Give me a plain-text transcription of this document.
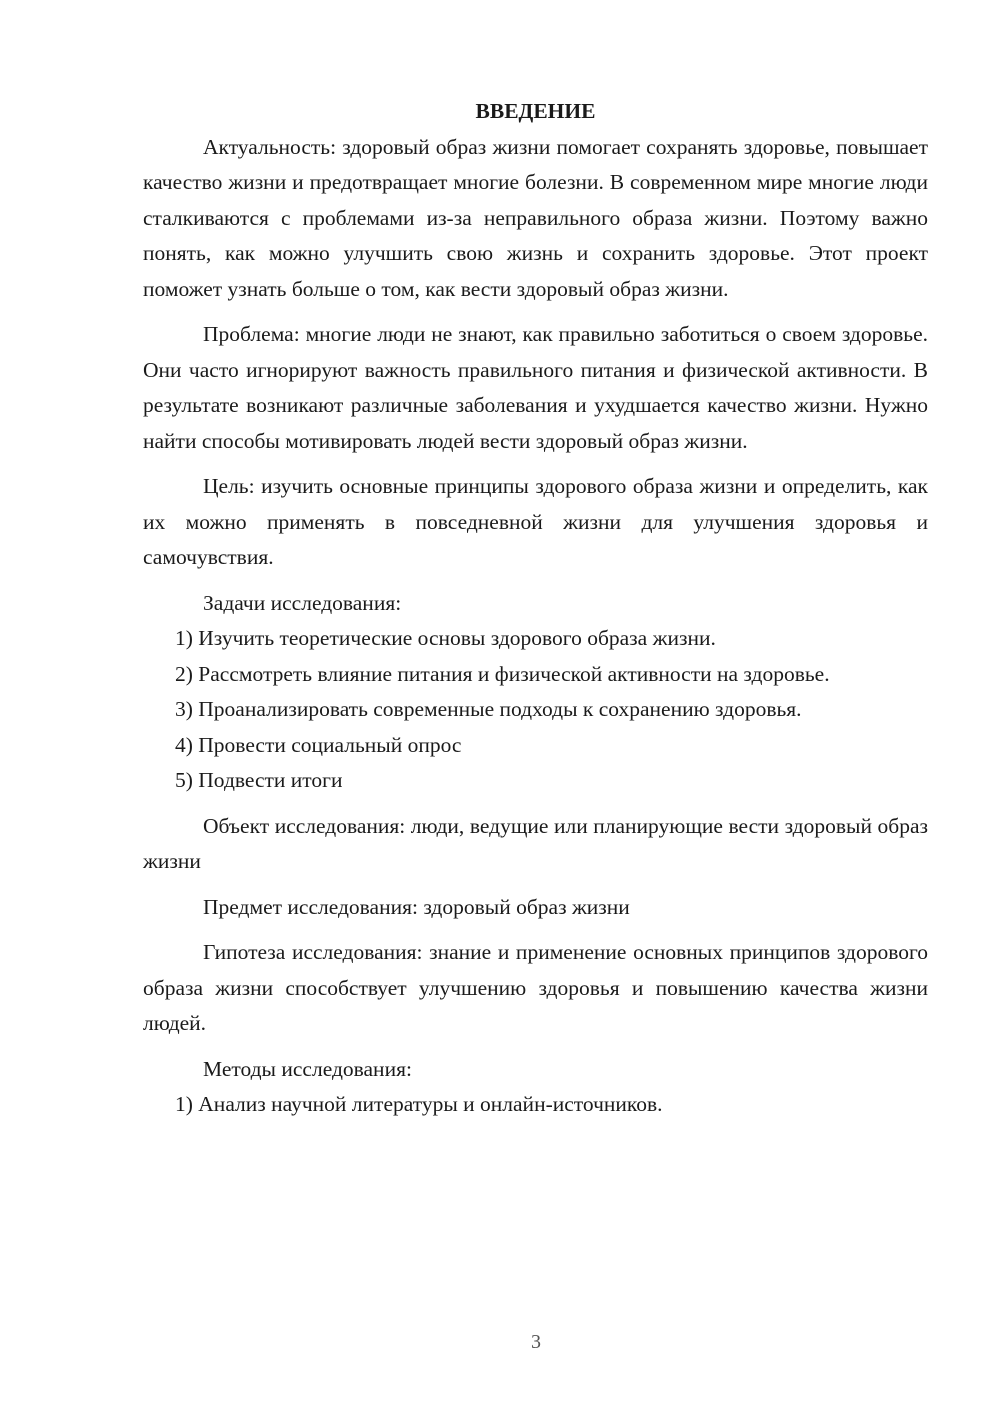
ВВЕДЕНИЕ

Актуальность: здоровый образ жизни помогает сохранять здоровье, повышает качество жизни и предотвращает многие болезни. В современном мире многие люди сталкиваются с проблемами из-за неправильного образа жизни. Поэтому важно понять, как можно улучшить свою жизнь и сохранить здоровье. Этот проект поможет узнать больше о том, как вести здоровый образ жизни.

Проблема: многие люди не знают, как правильно заботиться о своем здоровье. Они часто игнорируют важность правильного питания и физической активности. В результате возникают различные заболевания и ухудшается качество жизни. Нужно найти способы мотивировать людей вести здоровый образ жизни.

Цель: изучить основные принципы здорового образа жизни и определить, как их можно применять в повседневной жизни для улучшения здоровья и самочувствия.

Задачи исследования:

1) Изучить теоретические основы здорового образа жизни.

2) Рассмотреть влияние питания и физической активности на здоровье.

3) Проанализировать современные подходы к сохранению здоровья.

4) Провести социальный опрос

5) Подвести итоги

Объект исследования: люди, ведущие или планирующие вести здоровый образ жизни

Предмет исследования: здоровый образ жизни

Гипотеза исследования: знание и применение основных принципов здорового образа жизни способствует улучшению здоровья и повышению качества жизни людей.

Методы исследования:

1) Анализ научной литературы и онлайн-источников.

3
